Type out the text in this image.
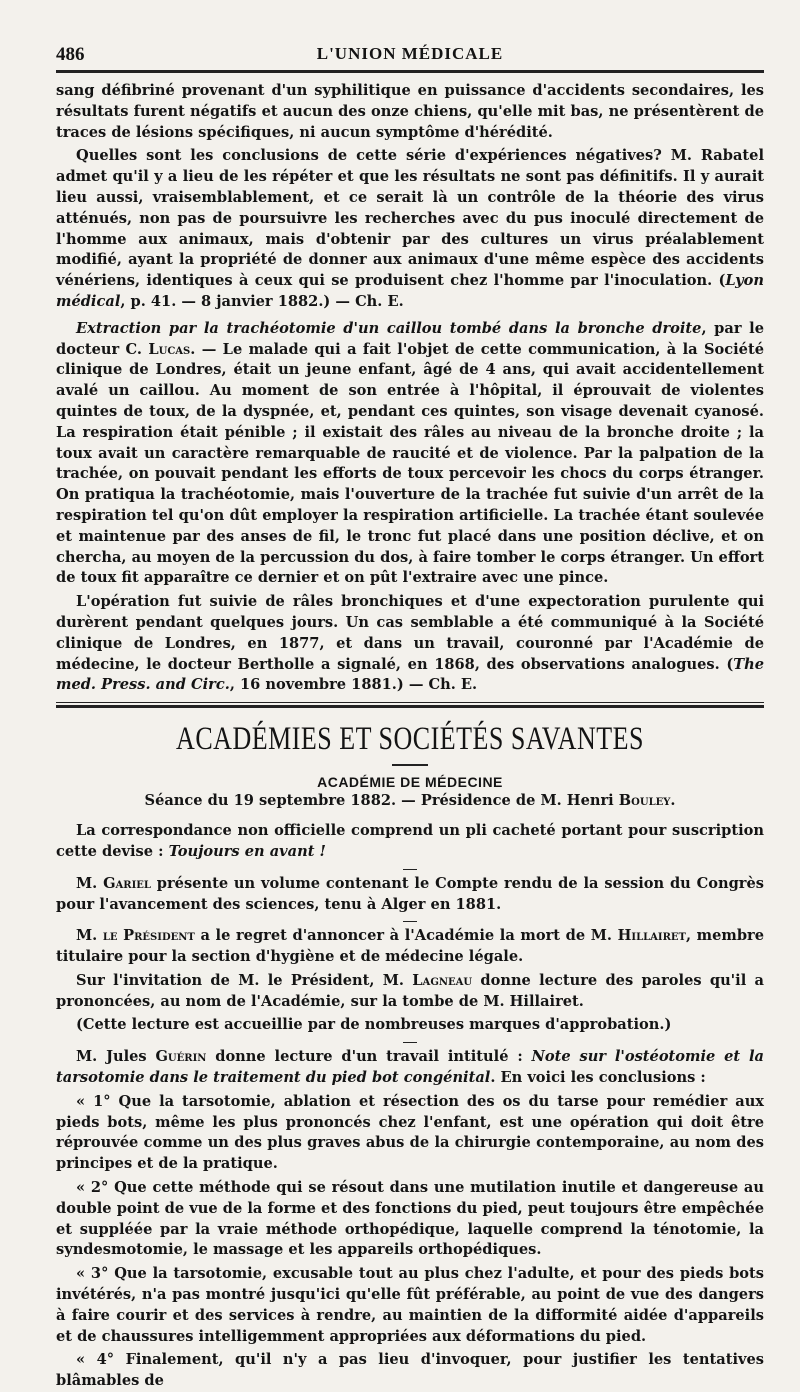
486	L'UNION MÉDICALE

sang défibriné provenant d'un syphilitique en puissance d'accidents secondaires, les résultats furent négatifs et aucun des onze chiens, qu'elle mit bas, ne présentèrent de traces de lésions spécifiques, ni aucun symptôme d'hérédité.

Quelles sont les conclusions de cette série d'expériences négatives? M. Rabatel admet qu'il y a lieu de les répéter et que les résultats ne sont pas définitifs. Il y aurait lieu aussi, vraisemblablement, et ce serait là un contrôle de la théorie des virus atténués, non pas de poursuivre les recherches avec du pus inoculé directement de l'homme aux animaux, mais d'obtenir par des cultures un virus préalablement modifié, ayant la propriété de donner aux animaux d'une même espèce des accidents vénériens, identiques à ceux qui se produisent chez l'homme par l'inoculation. (Lyon médical, p. 41. — 8 janvier 1882.) — Ch. E.

Extraction par la trachéotomie d'un caillou tombé dans la bronche droite, par le docteur C. Lucas. — Le malade qui a fait l'objet de cette communication, à la Société clinique de Londres, était un jeune enfant, âgé de 4 ans, qui avait accidentellement avalé un caillou. Au moment de son entrée à l'hôpital, il éprouvait de violentes quintes de toux, de la dyspnée, et, pendant ces quintes, son visage devenait cyanosé. La respiration était pénible ; il existait des râles au niveau de la bronche droite ; la toux avait un caractère remarquable de raucité et de violence. Par la palpation de la trachée, on pouvait pendant les efforts de toux percevoir les chocs du corps étranger. On pratiqua la trachéotomie, mais l'ouverture de la trachée fut suivie d'un arrêt de la respiration tel qu'on dût employer la respiration artificielle. La trachée étant soulevée et maintenue par des anses de fil, le tronc fut placé dans une position déclive, et on chercha, au moyen de la percussion du dos, à faire tomber le corps étranger. Un effort de toux fit apparaître ce dernier et on pût l'extraire avec une pince.

L'opération fut suivie de râles bronchiques et d'une expectoration purulente qui durèrent pendant quelques jours. Un cas semblable a été communiqué à la Société clinique de Londres, en 1877, et dans un travail, couronné par l'Académie de médecine, le docteur Bertholle a signalé, en 1868, des observations analogues. (The med. Press. and Circ., 16 novembre 1881.) — Ch. E.

ACADÉMIES ET SOCIÉTÉS SAVANTES
ACADÉMIE DE MÉDECINE
Séance du 19 septembre 1882. — Présidence de M. Henri Bouley.

La correspondance non officielle comprend un pli cacheté portant pour suscription cette devise : Toujours en avant !

M. Gariel présente un volume contenant le Compte rendu de la session du Congrès pour l'avancement des sciences, tenu à Alger en 1881.

M. le Président a le regret d'annoncer à l'Académie la mort de M. Hillairet, membre titulaire pour la section d'hygiène et de médecine légale.

Sur l'invitation de M. le Président, M. Lagneau donne lecture des paroles qu'il a prononcées, au nom de l'Académie, sur la tombe de M. Hillairet.

(Cette lecture est accueillie par de nombreuses marques d'approbation.)

M. Jules Guérin donne lecture d'un travail intitulé : Note sur l'ostéotomie et la tarsotomie dans le traitement du pied bot congénital. En voici les conclusions :

« 1° Que la tarsotomie, ablation et résection des os du tarse pour remédier aux pieds bots, même les plus prononcés chez l'enfant, est une opération qui doit être réprouvée comme un des plus graves abus de la chirurgie contemporaine, au nom des principes et de la pratique.

« 2° Que cette méthode qui se résout dans une mutilation inutile et dangereuse au double point de vue de la forme et des fonctions du pied, peut toujours être empêchée et suppléée par la vraie méthode orthopédique, laquelle comprend la ténotomie, la syndesmotomie, le massage et les appareils orthopédiques.

« 3° Que la tarsotomie, excusable tout au plus chez l'adulte, et pour des pieds bots invétérés, n'a pas montré jusqu'ici qu'elle fût préférable, au point de vue des dangers à faire courir et des services à rendre, au maintien de la difformité aidée d'appareils et de chaussures intelligemment appropriées aux déformations du pied.

« 4° Finalement, qu'il n'y a pas lieu d'invoquer, pour justifier les tentatives blâmables de
